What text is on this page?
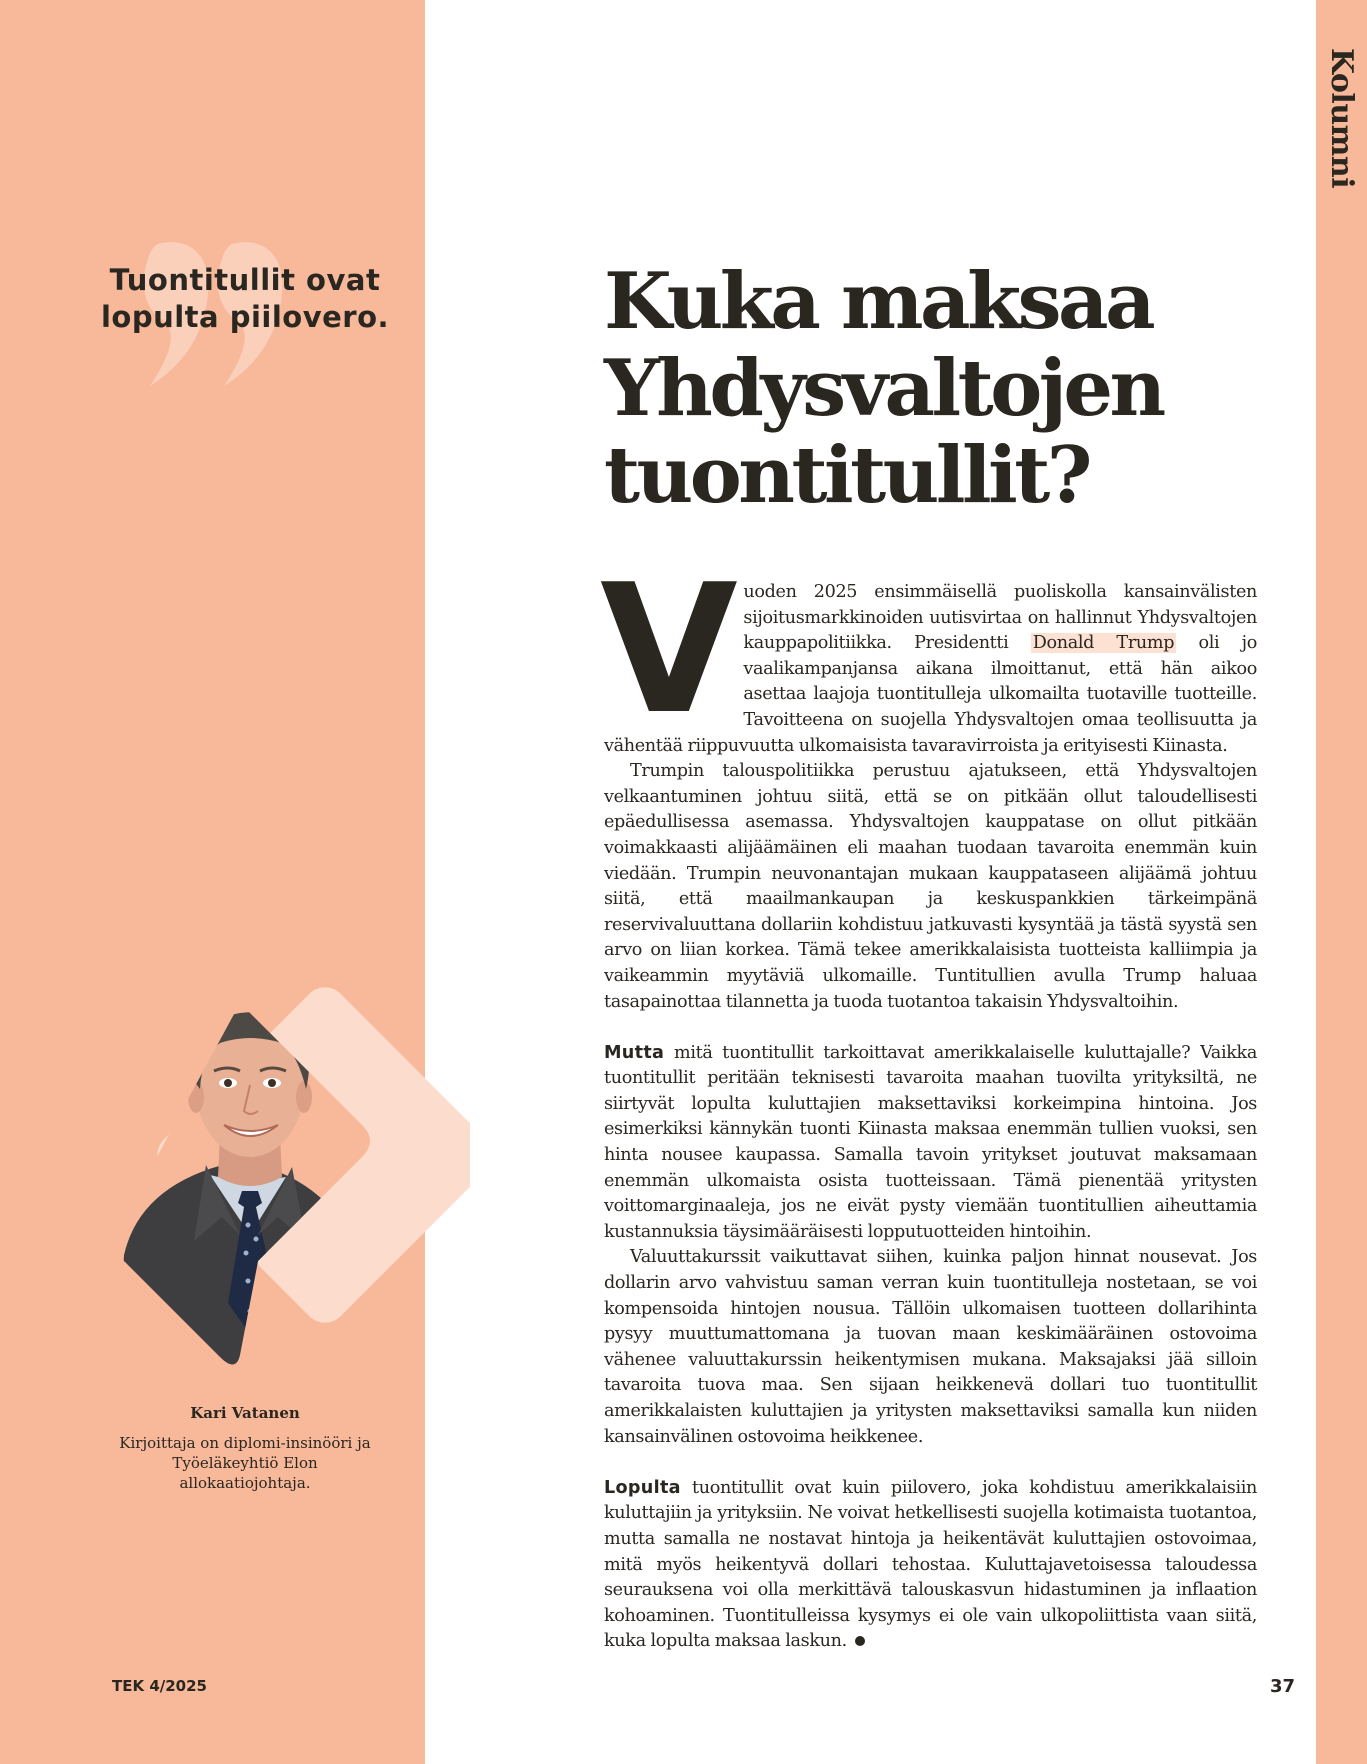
Kolumni
Tuontitullit ovat lopulta piilovero.
Kari Vatanen
Kirjoittaja on diplomi-insinööri ja Työeläkeyhtiö Elon allokaatiojohtaja.
TEK 4/2025	37
Kuka maksaa
Yhdysvaltojen
tuontitullit?

Vuoden 2025 ensimmäisellä puoliskolla kansainvälisten sijoitusmarkkinoiden uutisvirtaa on hallinnut Yhdysvaltojen kauppapolitiikka. Presidentti Donald Trump oli jo vaalikampanjansa aikana ilmoittanut, että hän aikoo asettaa laajoja tuontitulleja ulkomailta tuotaville tuotteille. Tavoitteena on suojella Yhdysvaltojen omaa teollisuutta ja vähentää riippuvuutta ulkomaisista tavaravirroista ja erityisesti Kiinasta.

Trumpin talouspolitiikka perustuu ajatukseen, että Yhdysvaltojen velkaantuminen johtuu siitä, että se on pitkään ollut taloudellisesti epäedullisessa asemassa. Yhdysvaltojen kauppatase on ollut pitkään voimakkaasti alijäämäinen eli maahan tuodaan tavaroita enemmän kuin viedään. Trumpin neuvonantajan mukaan kauppataseen alijäämä johtuu siitä, että maailmankaupan ja keskuspankkien tärkeimpänä reservivaluuttana dollariin kohdistuu jatkuvasti kysyntää ja tästä syystä sen arvo on liian korkea. Tämä tekee amerikkalaisista tuotteista kalliimpia ja vaikeammin myytäviä ulkomaille. Tuntitullien avulla Trump haluaa tasapainottaa tilannetta ja tuoda tuotantoa takaisin Yhdysvaltoihin.

Mutta mitä tuontitullit tarkoittavat amerikkalaiselle kuluttajalle? Vaikka tuontitullit peritään teknisesti tavaroita maahan tuovilta yrityksiltä, ne siirtyvät lopulta kuluttajien maksettaviksi korkeimpina hintoina. Jos esimerkiksi kännykän tuonti Kiinasta maksaa enemmän tullien vuoksi, sen hinta nousee kaupassa. Samalla tavoin yritykset joutuvat maksamaan enemmän ulkomaista osista tuotteissaan. Tämä pienentää yritysten voittomarginaaleja, jos ne eivät pysty viemään tuontitullien aiheuttamia kustannuksia täysimääräisesti lopputuotteiden hintoihin.

Valuuttakurssit vaikuttavat siihen, kuinka paljon hinnat nousevat. Jos dollarin arvo vahvistuu saman verran kuin tuontitulleja nostetaan, se voi kompensoida hintojen nousua. Tällöin ulkomaisen tuotteen dollarihinta pysyy muuttumattomana ja tuovan maan keskimääräinen ostovoima vähenee valuuttakurssin heikentymisen mukana. Maksajaksi jää silloin tavaroita tuova maa. Sen sijaan heikkenevä dollari tuo tuontitullit amerikkalaisten kuluttajien ja yritysten maksettaviksi samalla kun niiden kansainvälinen ostovoima heikkenee.

Lopulta tuontitullit ovat kuin piilovero, joka kohdistuu amerikkalaisiin kuluttajiin ja yrityksiin. Ne voivat hetkellisesti suojella kotimaista tuotantoa, mutta samalla ne nostavat hintoja ja heikentävät kuluttajien ostovoimaa, mitä myös heikentyvä dollari tehostaa. Kuluttajavetoisessa taloudessa seurauksena voi olla merkittävä talouskasvun hidastuminen ja inflaation kohoaminen. Tuontitulleissa kysymys ei ole vain ulkopoliittista vaan siitä, kuka lopulta maksaa laskun.
